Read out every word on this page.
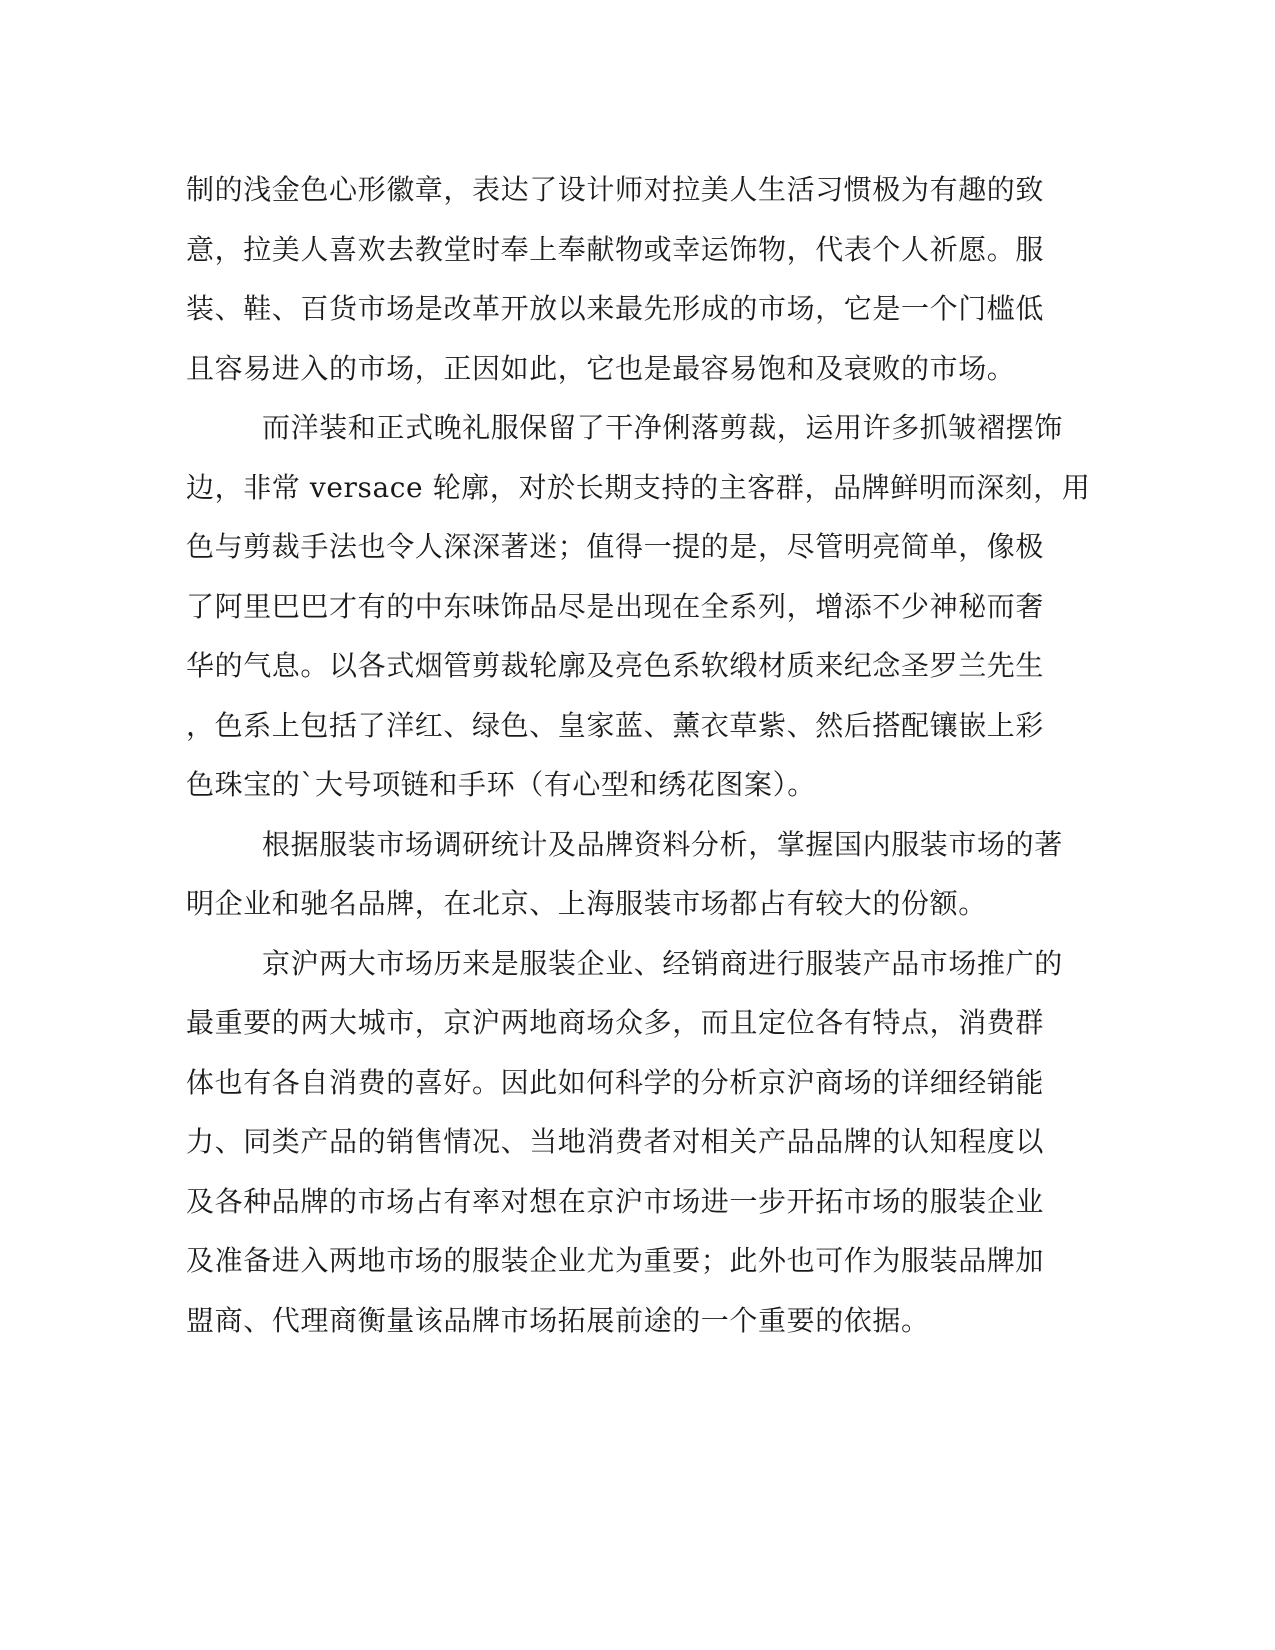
制的浅金色心形徽章，表达了设计师对拉美人生活习惯极为有趣的致
意，拉美人喜欢去教堂时奉上奉献物或幸运饰物，代表个人祈愿。服
装、鞋、百货市场是改革开放以来最先形成的市场，它是一个门槛低
且容易进入的市场，正因如此，它也是最容易饱和及衰败的市场。
而洋装和正式晚礼服保留了干净俐落剪裁，运用许多抓皱褶摆饰
边，非常 versace 轮廓，对於长期支持的主客群，品牌鲜明而深刻，用
色与剪裁手法也令人深深著迷；值得一提的是，尽管明亮简单，像极
了阿里巴巴才有的中东味饰品尽是出现在全系列，增添不少神秘而奢
华的气息。以各式烟管剪裁轮廓及亮色系软缎材质来纪念圣罗兰先生
，色系上包括了洋红、绿色、皇家蓝、薰衣草紫、然后搭配镶嵌上彩
色珠宝的`大号项链和手环（有心型和绣花图案）。
根据服装市场调研统计及品牌资料分析，掌握国内服装市场的著
明企业和驰名品牌，在北京、上海服装市场都占有较大的份额。
京沪两大市场历来是服装企业、经销商进行服装产品市场推广的
最重要的两大城市，京沪两地商场众多，而且定位各有特点，消费群
体也有各自消费的喜好。因此如何科学的分析京沪商场的详细经销能
力、同类产品的销售情况、当地消费者对相关产品品牌的认知程度以
及各种品牌的市场占有率对想在京沪市场进一步开拓市场的服装企业
及准备进入两地市场的服装企业尤为重要；此外也可作为服装品牌加
盟商、代理商衡量该品牌市场拓展前途的一个重要的依据。
